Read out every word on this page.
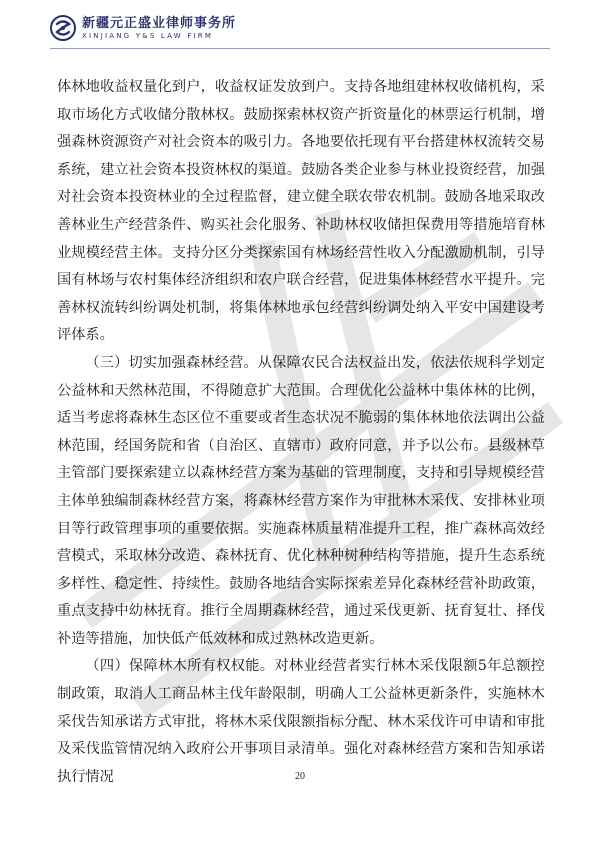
新疆元正盛业律师事务所
XINJIANG Y&S LAW FIRM

体林地收益权量化到户，收益权证发放到户。支持各地组建林权收储机构，采取市场化方式收储分散林权。鼓励探索林权资产折资量化的林票运行机制，增强森林资源资产对社会资本的吸引力。各地要依托现有平台搭建林权流转交易系统，建立社会资本投资林权的渠道。鼓励各类企业参与林业投资经营，加强对社会资本投资林业的全过程监督，建立健全联农带农机制。鼓励各地采取改善林业生产经营条件、购买社会化服务、补助林权收储担保费用等措施培育林业规模经营主体。支持分区分类探索国有林场经营性收入分配激励机制，引导国有林场与农村集体经济组织和农户联合经营，促进集体林经营水平提升。完善林权流转纠纷调处机制，将集体林地承包经营纠纷调处纳入平安中国建设考评体系。

（三）切实加强森林经营。从保障农民合法权益出发，依法依规科学划定公益林和天然林范围，不得随意扩大范围。合理优化公益林中集体林的比例，适当考虑将森林生态区位不重要或者生态状况不脆弱的集体林地依法调出公益林范围，经国务院和省（自治区、直辖市）政府同意，并予以公布。县级林草主管部门要探索建立以森林经营方案为基础的管理制度，支持和引导规模经营主体单独编制森林经营方案，将森林经营方案作为审批林木采伐、安排林业项目等行政管理事项的重要依据。实施森林质量精准提升工程，推广森林高效经营模式，采取林分改造、森林抚育、优化林种树种结构等措施，提升生态系统多样性、稳定性、持续性。鼓励各地结合实际探索差异化森林经营补助政策，重点支持中幼林抚育。推行全周期森林经营，通过采伐更新、抚育复壮、择伐补造等措施，加快低产低效林和成过熟林改造更新。

（四）保障林木所有权权能。对林业经营者实行林木采伐限额5年总额控制政策，取消人工商品林主伐年龄限制，明确人工公益林更新条件，实施林木采伐告知承诺方式审批，将林木采伐限额指标分配、林木采伐许可申请和审批及采伐监管情况纳入政府公开事项目录清单。强化对森林经营方案和告知承诺执行情况	20
